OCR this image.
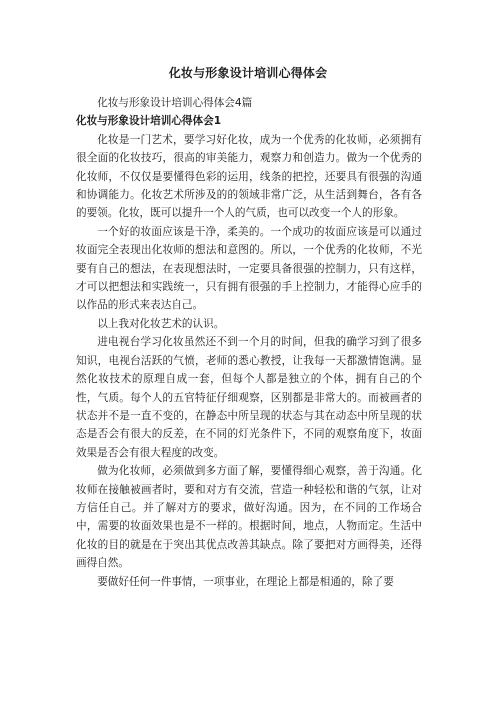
化妆与形象设计培训心得体会

化妆与形象设计培训心得体会4篇

化妆与形象设计培训心得体会1

化妆是一门艺术，要学习好化妆，成为一个优秀的化妆师，必须拥有很全面的化妆技巧，很高的审美能力，观察力和创造力。做为一个优秀的化妆师，不仅仅是要懂得色彩的运用，线条的把控，还要具有很强的沟通和协调能力。化妆艺术所涉及的的领域非常广泛，从生活到舞台，各有各的要领。化妆，既可以提升一个人的气质，也可以改变一个人的形象。

一个好的妆面应该是干净，柔美的。一个成功的妆面应该是可以通过妆面完全表现出化妆师的想法和意图的。所以，一个优秀的化妆师，不光要有自己的想法，在表现想法时，一定要具备很强的控制力，只有这样，才可以把想法和实践统一，只有拥有很强的手上控制力，才能得心应手的以作品的形式来表达自己。

以上我对化妆艺术的认识。

进电视台学习化妆虽然还不到一个月的时间，但我的确学习到了很多知识，电视台活跃的气愤，老师的悉心教授，让我每一天都激情饱满。显然化妆技术的原理自成一套，但每个人都是独立的个体，拥有自己的个性，气质。每个人的五官特征仔细观察，区别都是非常大的。而被画者的状态并不是一直不变的，在静态中所呈现的状态与其在动态中所呈现的状态是否会有很大的反差，在不同的灯光条件下，不同的观察角度下，妆面效果是否会有很大程度的改变。

做为化妆师，必须做到多方面了解，要懂得细心观察，善于沟通。化妆师在接触被画者时，要和对方有交流，营造一种轻松和谐的气氛，让对方信任自己。并了解对方的要求，做好沟通。因为，在不同的工作场合中，需要的妆面效果也是不一样的。根据时间，地点，人物而定。生活中化妆的目的就是在于突出其优点改善其缺点。除了要把对方画得美，还得画得自然。

要做好任何一件事情，一项事业，在理论上都是相通的，除了要
